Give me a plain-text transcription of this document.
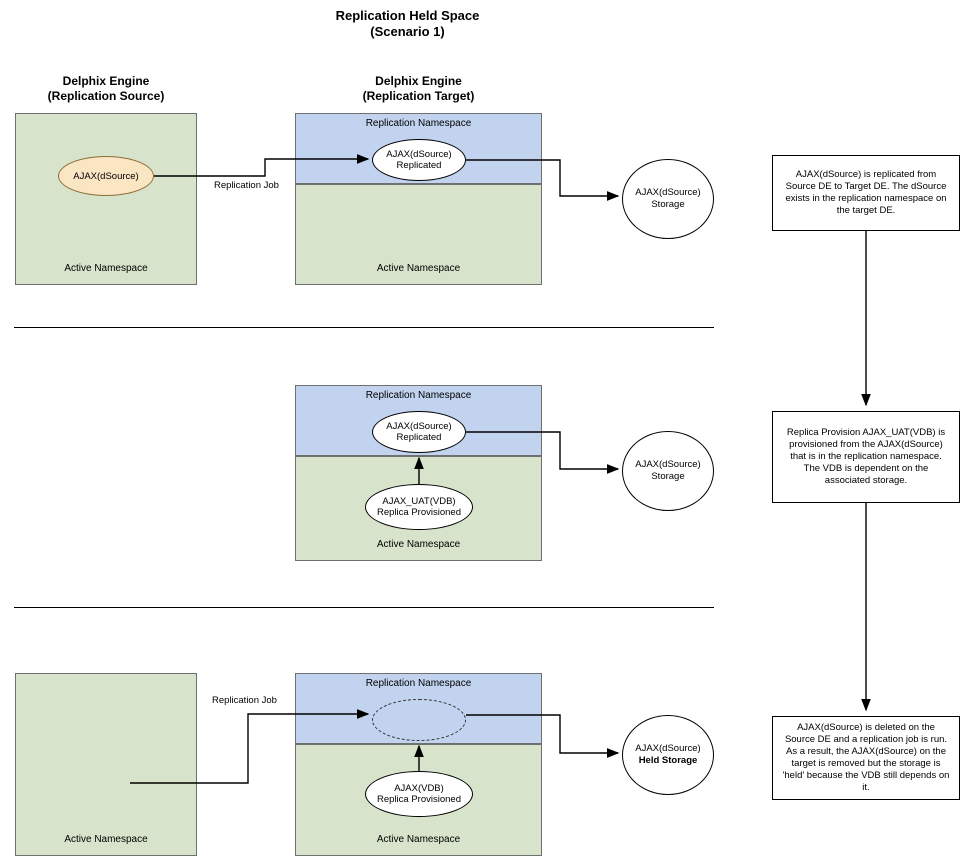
Replication Held Space
(Scenario 1)
Delphix Engine
(Replication Source)
Delphix Engine
(Replication Target)
Active Namespace
Replication Namespace
Active Namespace
AJAX(dSource)
AJAX(dSource)
Replicated
AJAX(dSource)
Storage
Replication Job
AJAX(dSource) is replicated from Source DE to Target DE. The dSource exists in the replication namespace on the target DE.
Replication Namespace
Active Namespace
AJAX(dSource)
Replicated
AJAX_UAT(VDB)
Replica Provisioned
AJAX(dSource)
Storage
Replica Provision AJAX_UAT(VDB) is provisioned from the AJAX(dSource) that is in the replication namespace. The VDB is dependent on the associated storage.
Active Namespace
Replication Namespace
Active Namespace
AJAX(VDB)
Replica Provisioned
AJAX(dSource)
Held Storage
Replication Job
AJAX(dSource) is deleted on the Source DE and a replication job is run. As a result, the AJAX(dSource) on the target is removed but the storage is 'held' because the VDB still depends on it.
